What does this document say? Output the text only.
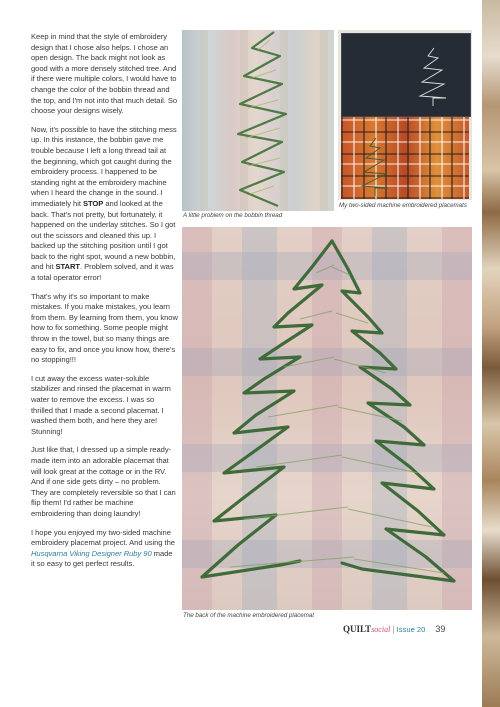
Keep in mind that the style of embroidery design that I chose also helps. I chose an open design. The back might not look as good with a more densely stitched tree. And if there were multiple colors, I would have to change the color of the bobbin thread and the top, and I'm not into that much detail. So choose your designs wisely.

Now, it's possible to have the stitching mess up. In this instance, the bobbin gave me trouble because I left a long thread tail at the beginning, which got caught during the embroidery process. I happened to be standing right at the embroidery machine when I heard the change in the sound. I immediately hit STOP and looked at the back. That's not pretty, but fortunately, it happened on the underlay stitches. So I got out the scissors and cleaned this up. I backed up the stitching position until I got back to the right spot, wound a new bobbin, and hit START. Problem solved, and it was a total operator error!

That's why it's so important to make mistakes. If you make mistakes, you learn from them. By learning from them, you know how to fix something. Some people might throw in the towel, but so many things are easy to fix, and once you know how, there's no stopping!!!

I cut away the excess water-soluble stabilizer and rinsed the placemat in warm water to remove the excess. I was so thrilled that I made a second placemat. I washed them both, and here they are! Stunning!

Just like that, I dressed up a simple ready-made item into an adorable placemat that will look great at the cottage or in the RV. And if one side gets dirty – no problem. They are completely reversible so that I can flip them! I'd rather be machine embroidering than doing laundry!

I hope you enjoyed my two-sided machine embroidery placemat project. And using the Husqvarna Viking Designer Ruby 90 made it so easy to get perfect results.

A little problem on the bobbin thread
My two-sided machine embroidered placemats
The back of the machine embroidered placemat
QUILTsocial | Issue 20 39
